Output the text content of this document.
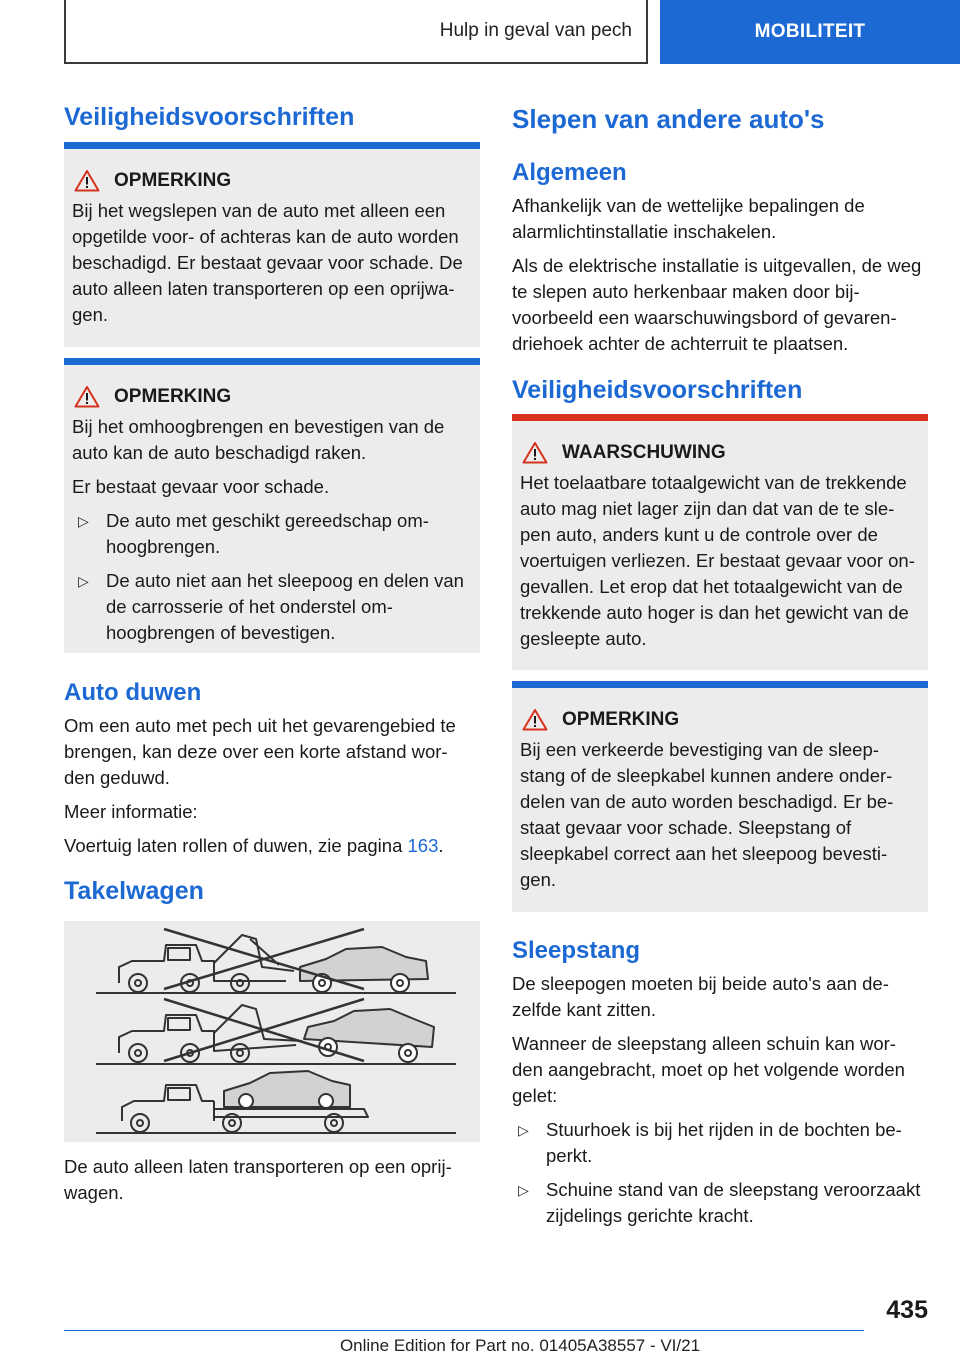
Hulp in geval van pech	MOBILITEIT
Veiligheidsvoorschriften
OPMERKING

Bij het wegslepen van de auto met alleen een opgetilde voor- of achteras kan de auto worden beschadigd. Er bestaat gevaar voor schade. De auto alleen laten transporteren op een oprijwa- gen.

OPMERKING

Bij het omhoogbrengen en bevestigen van de auto kan de auto beschadigd raken.

Er bestaat gevaar voor schade.

▷ De auto met geschikt gereedschap om- hoogbrengen.
▷ De auto niet aan het sleepoog en delen van de carrosserie of het onderstel om- hoogbrengen of bevestigen.
Auto duwen

Om een auto met pech uit het gevarengebied te brengen, kan deze over een korte afstand wor- den geduwd.

Meer informatie:

Voertuig laten rollen of duwen, zie pagina 163.

Takelwagen

De auto alleen laten transporteren op een oprij- wagen.

Slepen van andere auto's
Algemeen

Afhankelijk van de wettelijke bepalingen de alarmlichtinstallatie inschakelen.

Als de elektrische installatie is uitgevallen, de weg te slepen auto herkenbaar maken door bij- voorbeeld een waarschuwingsbord of gevaren- driehoek achter de achterruit te plaatsen.

Veiligheidsvoorschriften
WAARSCHUWING

Het toelaatbare totaalgewicht van de trekkende auto mag niet lager zijn dan dat van de te sle- pen auto, anders kunt u de controle over de voertuigen verliezen. Er bestaat gevaar voor on- gevallen. Let erop dat het totaalgewicht van de trekkende auto hoger is dan het gewicht van de gesleepte auto.

OPMERKING

Bij een verkeerde bevestiging van de sleep- stang of de sleepkabel kunnen andere onder- delen van de auto worden beschadigd. Er be- staat gevaar voor schade. Sleepstang of sleepkabel correct aan het sleepoog bevesti- gen.

Sleepstang

De sleepogen moeten bij beide auto's aan de- zelfde kant zitten.

Wanneer de sleepstang alleen schuin kan wor- den aangebracht, moet op het volgende worden gelet:

▷ Stuurhoek is bij het rijden in de bochten be- perkt.
▷ Schuine stand van de sleepstang veroorzaakt zijdelings gerichte kracht.
435
Online Edition for Part no. 01405A38557 - VI/21
